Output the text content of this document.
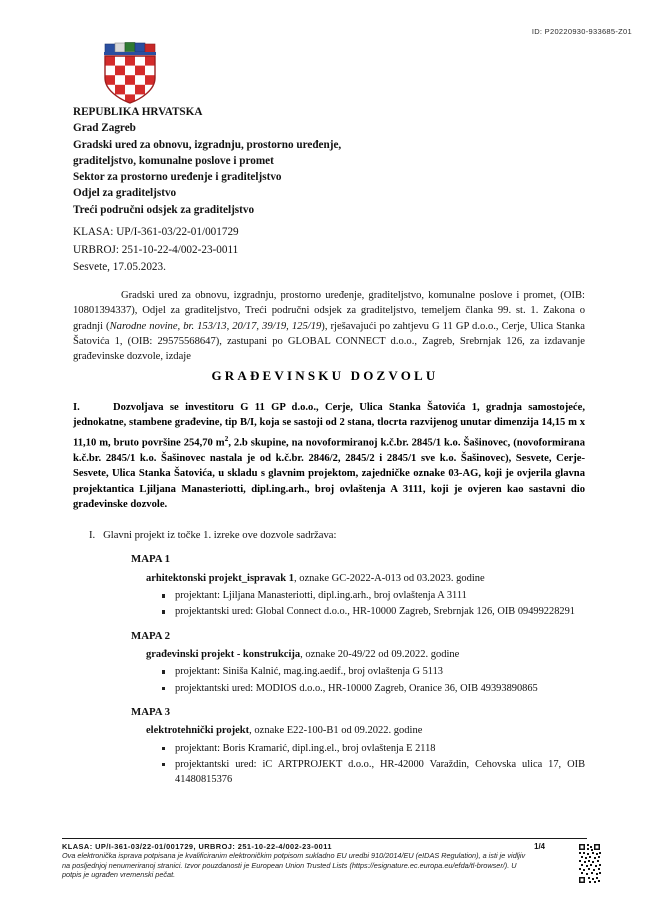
ID: P20220930-933685-Z01
REPUBLIKA HRVATSKA
Grad Zagreb
Gradski ured za obnovu, izgradnju, prostorno uređenje,
graditeljstvo, komunalne poslove i promet
Sektor za prostorno uređenje i graditeljstvo
Odjel za graditeljstvo
Treći područni odsjek za graditeljstvo
KLASA: UP/I-361-03/22-01/001729
URBROJ: 251-10-22-4/002-23-0011
Sesvete, 17.05.2023.
Gradski ured za obnovu, izgradnju, prostorno uređenje, graditeljstvo, komunalne poslove i promet, (OIB: 10801394337), Odjel za graditeljstvo, Treći područni odsjek za graditeljstvo, temeljem članka 99. st. 1. Zakona o gradnji (Narodne novine, br. 153/13, 20/17, 39/19, 125/19), rješavajući po zahtjevu G 11 GP d.o.o., Cerje, Ulica Stanka Šatovića 1, (OIB: 29575568647), zastupani po GLOBAL CONNECT d.o.o., Zagreb, Srebrnjak 126, za izdavanje građevinske dozvole, izdaje
GRAĐEVINSKU DOZVOLU
I.	Dozvoljava se investitoru G 11 GP d.o.o., Cerje, Ulica Stanka Šatovića 1, gradnja samostojeće, jednokatne, stambene građevine, tip B/I, koja se sastoji od 2 stana, tlocrta razvijenog unutar dimenzija 14,15 m x 11,10 m, bruto površine 254,70 $m^2$, 2.b skupine, na novoformiranoj k.č.br. 2845/1 k.o. Šašinovec, (novoformirana k.č.br. 2845/1 k.o. Šašinovec nastala je od k.č.br. 2846/2, 2845/2 i 2845/1 sve k.o. Šašinovec), Sesvete, Cerje-Sesvete, Ulica Stanka Šatovića, u skladu s glavnim projektom, zajedničke oznake 03-AG, koji je ovjerila glavna projektantica Ljiljana Manasteriotti, dipl.ing.arh., broj ovlaštenja A 3111, koji je ovjeren kao sastavni dio građevinske dozvole.
I. Glavni projekt iz točke 1. izreke ove dozvole sadržava:
MAPA 1
arhitektonski projekt_ispravak 1, oznake GC-2022-A-013 od 03.2023. godine
projektant: Ljiljana Manasteriotti, dipl.ing.arh., broj ovlaštenja A 3111
projektantski ured: Global Connect d.o.o., HR-10000 Zagreb, Srebrnjak 126, OIB 09499228291
MAPA 2
građevinski projekt - konstrukcija, oznake 20-49/22 od 09.2022. godine
projektant: Siniša Kalnić, mag.ing.aedif., broj ovlaštenja G 5113
projektantski ured: MODIOS d.o.o., HR-10000 Zagreb, Oranice 36, OIB 49393890865
MAPA 3
elektrotehnički projekt, oznake E22-100-B1 od 09.2022. godine
projektant: Boris Kramarić, dipl.ing.el., broj ovlaštenja E 2118
projektantski ured: iC ARTPROJEKT d.o.o., HR-42000 Varaždin, Cehovska ulica 17, OIB 41480815376
KLASA: UP/I-361-03/22-01/001729, URBROJ: 251-10-22-4/002-23-0011
Ova elektronička isprava potpisana je kvalificiranim elektroničkim potpisom sukladno EU uredbi 910/2014/EU (eIDAS Regulation), a isti je vidljiv na posljednjoj nenumeriranoj stranici. Izvor pouzdanosti je European Union Trusted Lists (https://esignature.ec.europa.eu/efda/tl-browser/). U potpis je ugrađen vremenski pečat.
1/4
